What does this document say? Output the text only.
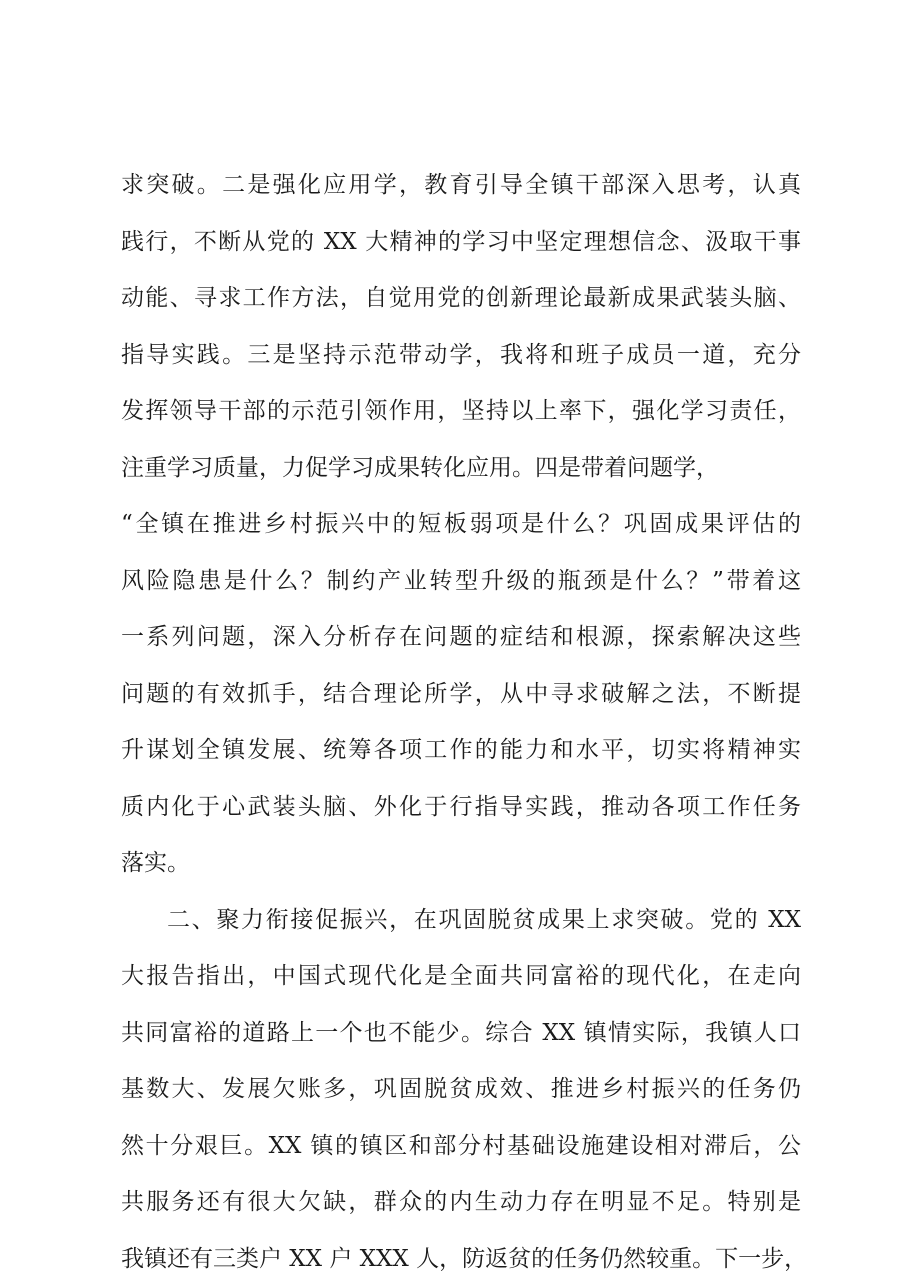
求突破。二是强化应用学，教育引导全镇干部深入思考，认真
践行，不断从党的 XX 大精神的学习中坚定理想信念、汲取干事
动能、寻求工作方法，自觉用党的创新理论最新成果武装头脑、
指导实践。三是坚持示范带动学，我将和班子成员一道，充分
发挥领导干部的示范引领作用，坚持以上率下，强化学习责任，
注重学习质量，力促学习成果转化应用。四是带着问题学，
“全镇在推进乡村振兴中的短板弱项是什么？巩固成果评估的
风险隐患是什么？制约产业转型升级的瓶颈是什么？”带着这
一系列问题，深入分析存在问题的症结和根源，探索解决这些
问题的有效抓手，结合理论所学，从中寻求破解之法，不断提
升谋划全镇发展、统筹各项工作的能力和水平，切实将精神实
质内化于心武装头脑、外化于行指导实践，推动各项工作任务
落实。
二、聚力衔接促振兴，在巩固脱贫成果上求突破。党的 XX
大报告指出，中国式现代化是全面共同富裕的现代化，在走向
共同富裕的道路上一个也不能少。综合 XX 镇情实际，我镇人口
基数大、发展欠账多，巩固脱贫成效、推进乡村振兴的任务仍
然十分艰巨。XX 镇的镇区和部分村基础设施建设相对滞后，公
共服务还有很大欠缺，群众的内生动力存在明显不足。特别是
我镇还有三类户 XX 户 XXX 人，防返贫的任务仍然较重。下一步，
